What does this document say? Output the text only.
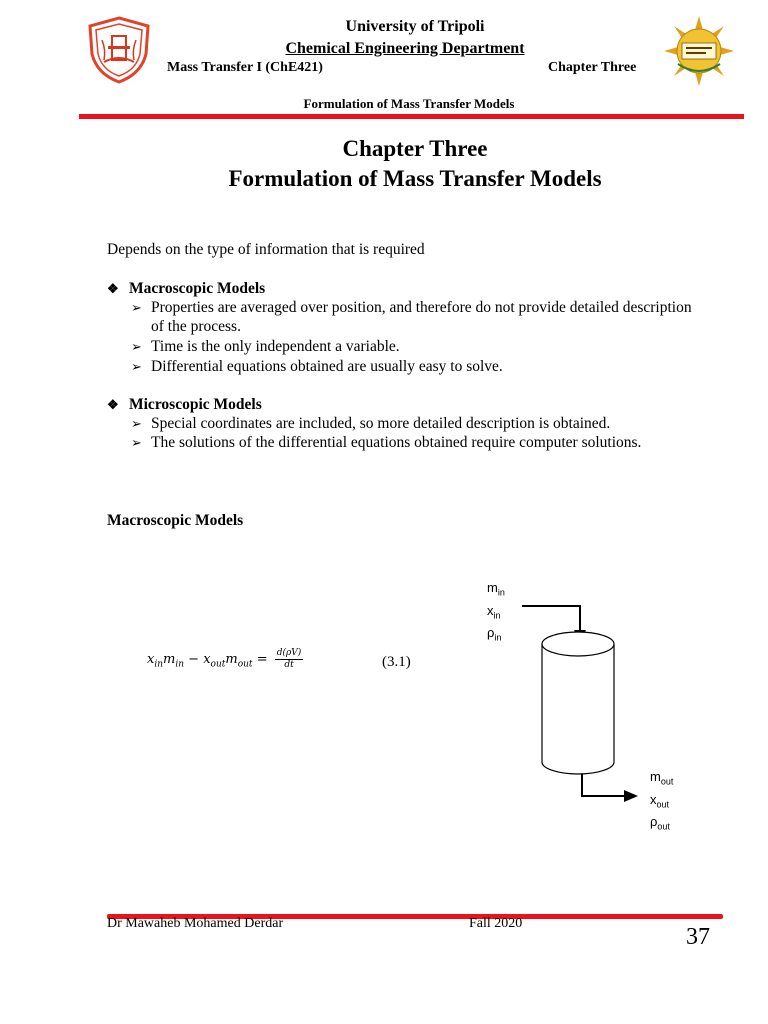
University of Tripoli
Chemical Engineering Department
Mass Transfer I (ChE421)	Chapter Three
Formulation of Mass Transfer Models
Chapter Three
Formulation of Mass Transfer Models
Depends on the type of information that is required
❖ Macroscopic Models
➢ Properties are averaged over position, and therefore do not provide detailed description
of the process.
➢ Time is the only independent a variable.
➢ Differential equations obtained are usually easy to solve.
❖ Microscopic Models
➢ Special coordinates are included, so more detailed description is obtained.
➢ The solutions of the differential equations obtained require computer solutions.
Macroscopic Models
$x_{in}m_{in} - x_{out}m_{out} = \frac{d(\rho V)}{dt}$	(3.1)
$m_{in}$
$x_{in}$
$\rho_{in}$
$m_{out}$
$x_{out}$
$\rho_{out}$
Dr Mawaheb Mohamed Derdar	Fall 2020
37
